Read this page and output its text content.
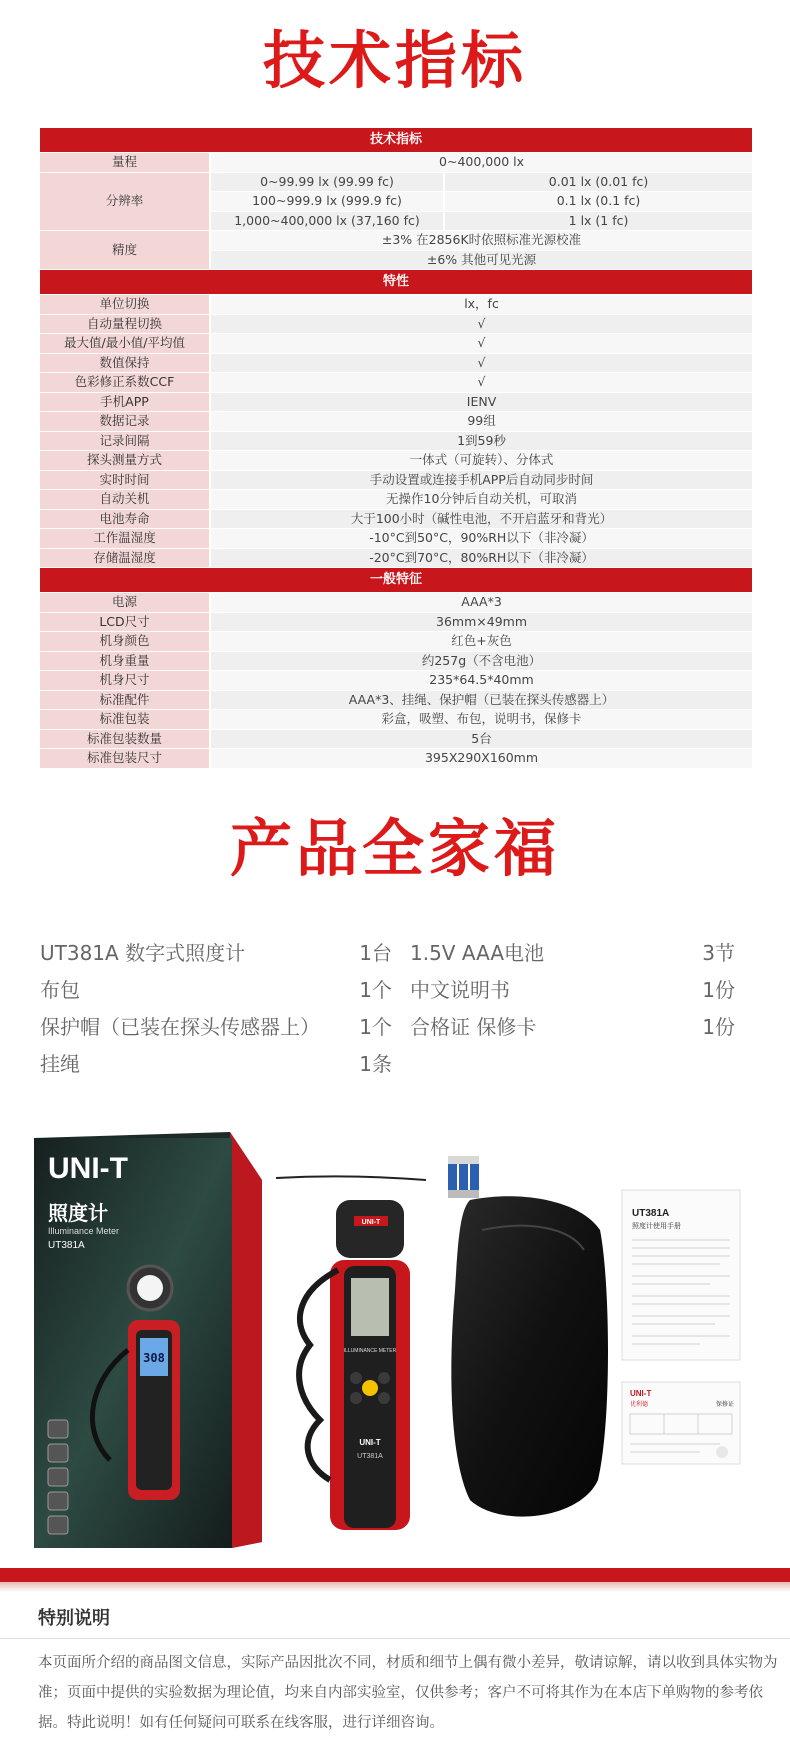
技术指标
技术指标		
量程	0~400,000 lx	
分辨率	0~99.99 lx (99.99 fc)	0.01 lx (0.01 fc)
	100~999.9 lx (999.9 fc)	0.1 lx (0.1 fc)
	1,000~400,000 lx (37,160 fc)	1 lx (1 fc)
精度	±3% 在2856K时依照标准光源校准	
	±6% 其他可见光源	
特性		
单位切换	lx，fc	
自动量程切换	√	
最大值/最小值/平均值	√	
数值保持	√	
色彩修正系数CCF	√	
手机APP	IENV	
数据记录	99组	
记录间隔	1到59秒	
探头测量方式	一体式（可旋转）、分体式	
实时时间	手动设置或连接手机APP后自动同步时间	
自动关机	无操作10分钟后自动关机，可取消	
电池寿命	大于100小时（碱性电池，不开启蓝牙和背光）	
工作温湿度	-10°C到50°C，90%RH以下（非冷凝）	
存储温湿度	-20°C到70°C，80%RH以下（非冷凝）	
一般特征		
电源	AAA*3	
LCD尺寸	36mm×49mm	
机身颜色	红色+灰色	
机身重量	约257g（不含电池）	
机身尺寸	235*64.5*40mm	
标准配件	AAA*3、挂绳、保护帽（已装在探头传感器上）	
标准包装	彩盒，吸塑、布包，说明书，保修卡	
标准包装数量	5台	
标准包装尺寸	395X290X160mm	
产品全家福
UT381A 数字式照度计	1台
布包	1个
保护帽（已装在探头传感器上） 1个
挂绳	1条
1.5V AAA电池	3节
中文说明书	1份
合格证 保修卡	1份
UNI-T
照度计
Illuminance Meter
UT381A
308
UNI-T
ILLUMINANCE METER
UNI-T
UT381A
UT381A
照度计使用手册
UNI-T
优利德	保修证
特别说明
本页面所介绍的商品图文信息，实际产品因批次不同，材质和细节上偶有微小差异，敬请谅解，请以收到具体实物为准；页面中提供的实验数据为理论值，均来自内部实验室，仅供参考；客户不可将其作为在本店下单购物的参考依据。特此说明！如有任何疑问可联系在线客服，进行详细咨询。
